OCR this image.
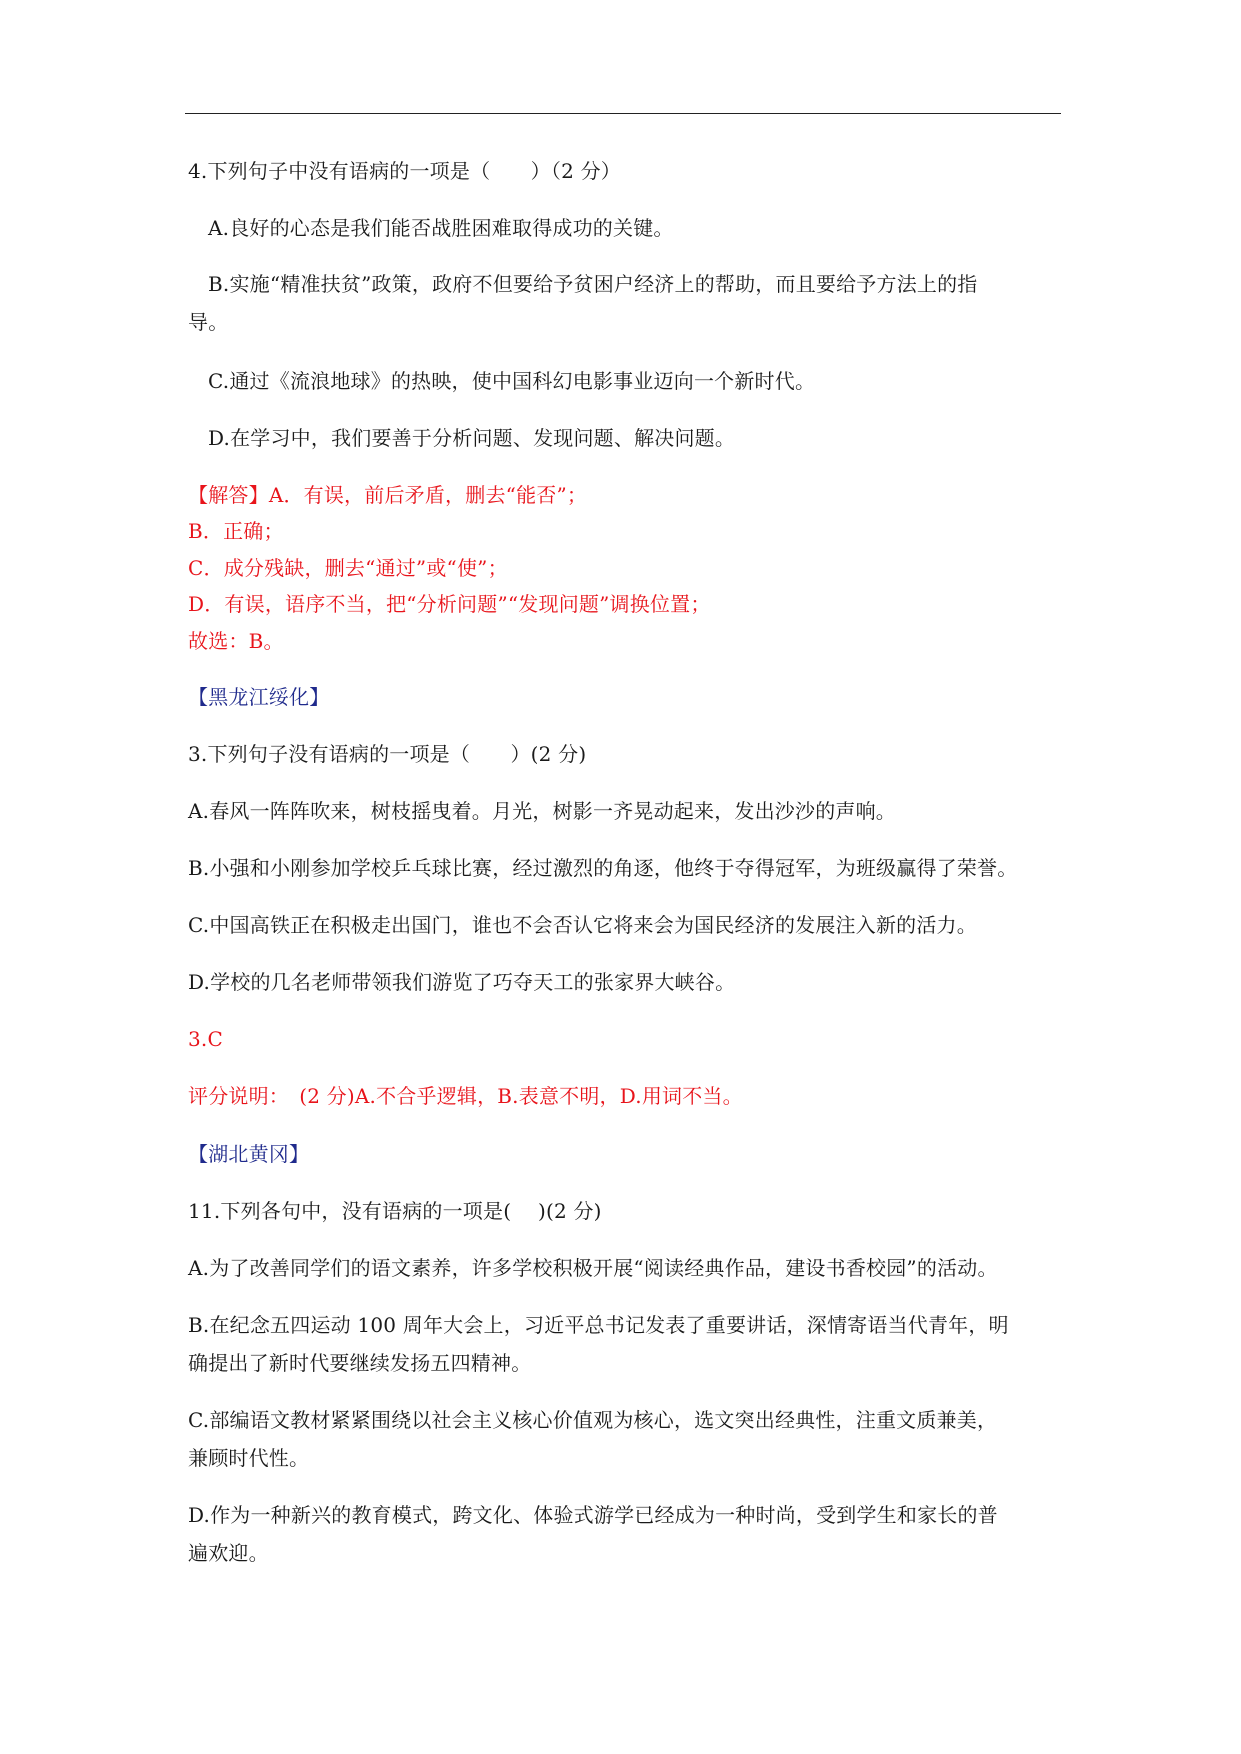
4.下列句子中没有语病的一项是（　　）（2 分）
A.良好的心态是我们能否战胜困难取得成功的关键。
B.实施“精准扶贫”政策，政府不但要给予贫困户经济上的帮助，而且要给予方法上的指
导。
C.通过《流浪地球》的热映，使中国科幻电影事业迈向一个新时代。
D.在学习中，我们要善于分析问题、发现问题、解决问题。
【解答】A．有误，前后矛盾，删去“能否”；
B．正确；
C．成分残缺，删去“通过”或“使”；
D．有误，语序不当，把“分析问题”“发现问题”调换位置；
故选：B。
【黑龙江绥化】
3.下列句子没有语病的一项是（　　）(2 分)
A.春风一阵阵吹来，树枝摇曳着。月光，树影一齐晃动起来，发出沙沙的声响。
B.小强和小刚参加学校乒乓球比赛，经过激烈的角逐，他终于夺得冠军，为班级赢得了荣誉。
C.中国高铁正在积极走出国门，谁也不会否认它将来会为国民经济的发展注入新的活力。
D.学校的几名老师带领我们游览了巧夺天工的张家界大峡谷。
3.C
评分说明：　(2 分)A.不合乎逻辑，B.表意不明，D.用词不当。
【湖北黄冈】
11.下列各句中，没有语病的一项是(　 )(2 分)
A.为了改善同学们的语文素养，许多学校积极开展“阅读经典作品，建设书香校园”的活动。
B.在纪念五四运动 100 周年大会上，习近平总书记发表了重要讲话，深情寄语当代青年，明
确提出了新时代要继续发扬五四精神。
C.部编语文教材紧紧围绕以社会主义核心价值观为核心，选文突出经典性，注重文质兼美，
兼顾时代性。
D.作为一种新兴的教育模式，跨文化、体验式游学已经成为一种时尚，受到学生和家长的普
遍欢迎。
